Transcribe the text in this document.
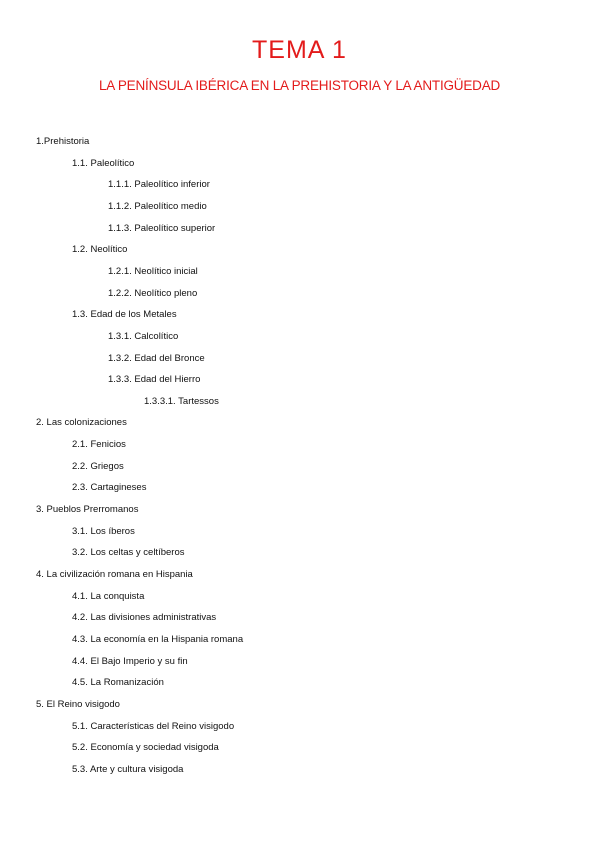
TEMA 1
LA PENÍNSULA IBÉRICA EN LA PREHISTORIA Y LA ANTIGÜEDAD
1.Prehistoria
1.1. Paleolítico
1.1.1. Paleolítico inferior
1.1.2. Paleolítico medio
1.1.3. Paleolítico superior
1.2. Neolítico
1.2.1. Neolítico inicial
1.2.2. Neolítico pleno
1.3. Edad de los Metales
1.3.1. Calcolítico
1.3.2. Edad del Bronce
1.3.3. Edad del Hierro
1.3.3.1. Tartessos
2. Las colonizaciones
2.1. Fenicios
2.2. Griegos
2.3. Cartagineses
3. Pueblos Prerromanos
3.1. Los íberos
3.2. Los celtas y celtíberos
4. La civilización romana en Hispania
4.1. La conquista
4.2. Las divisiones administrativas
4.3. La economía en la Hispania romana
4.4. El Bajo Imperio y su fin
4.5. La Romanización
5. El Reino visigodo
5.1. Características del Reino visigodo
5.2. Economía y sociedad visigoda
5.3. Arte y cultura visigoda
